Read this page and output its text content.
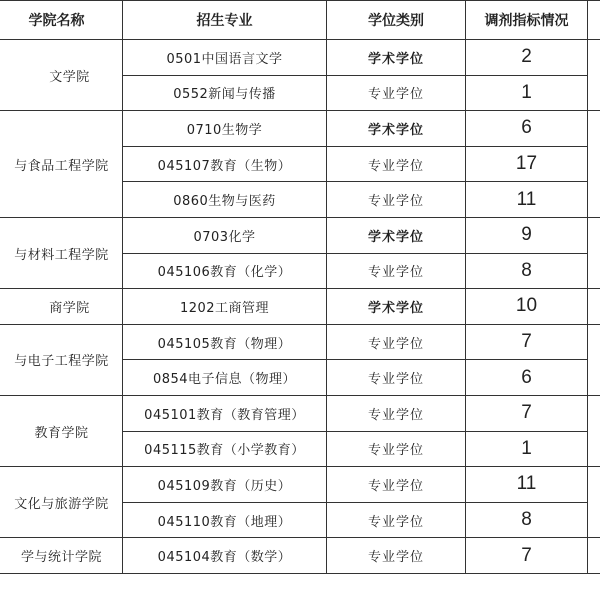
学院名称	招生专业	学位类别	调剂指标情况	
文学院	0501中国语言文学	学术学位	2	
	0552新闻与传播	专业学位	1	
与食品工程学院	0710生物学	学术学位	6	
	045107教育（生物）	专业学位	17	
	0860生物与医药	专业学位	11	
与材料工程学院	0703化学	学术学位	9	
	045106教育（化学）	专业学位	8	
商学院	1202工商管理	学术学位	10	
与电子工程学院	045105教育（物理）	专业学位	7	
	0854电子信息（物理）	专业学位	6	
教育学院	045101教育（教育管理）	专业学位	7	
	045115教育（小学教育）	专业学位	1	
文化与旅游学院	045109教育（历史）	专业学位	11	
	045110教育（地理）	专业学位	8	
学与统计学院	045104教育（数学）	专业学位	7	
